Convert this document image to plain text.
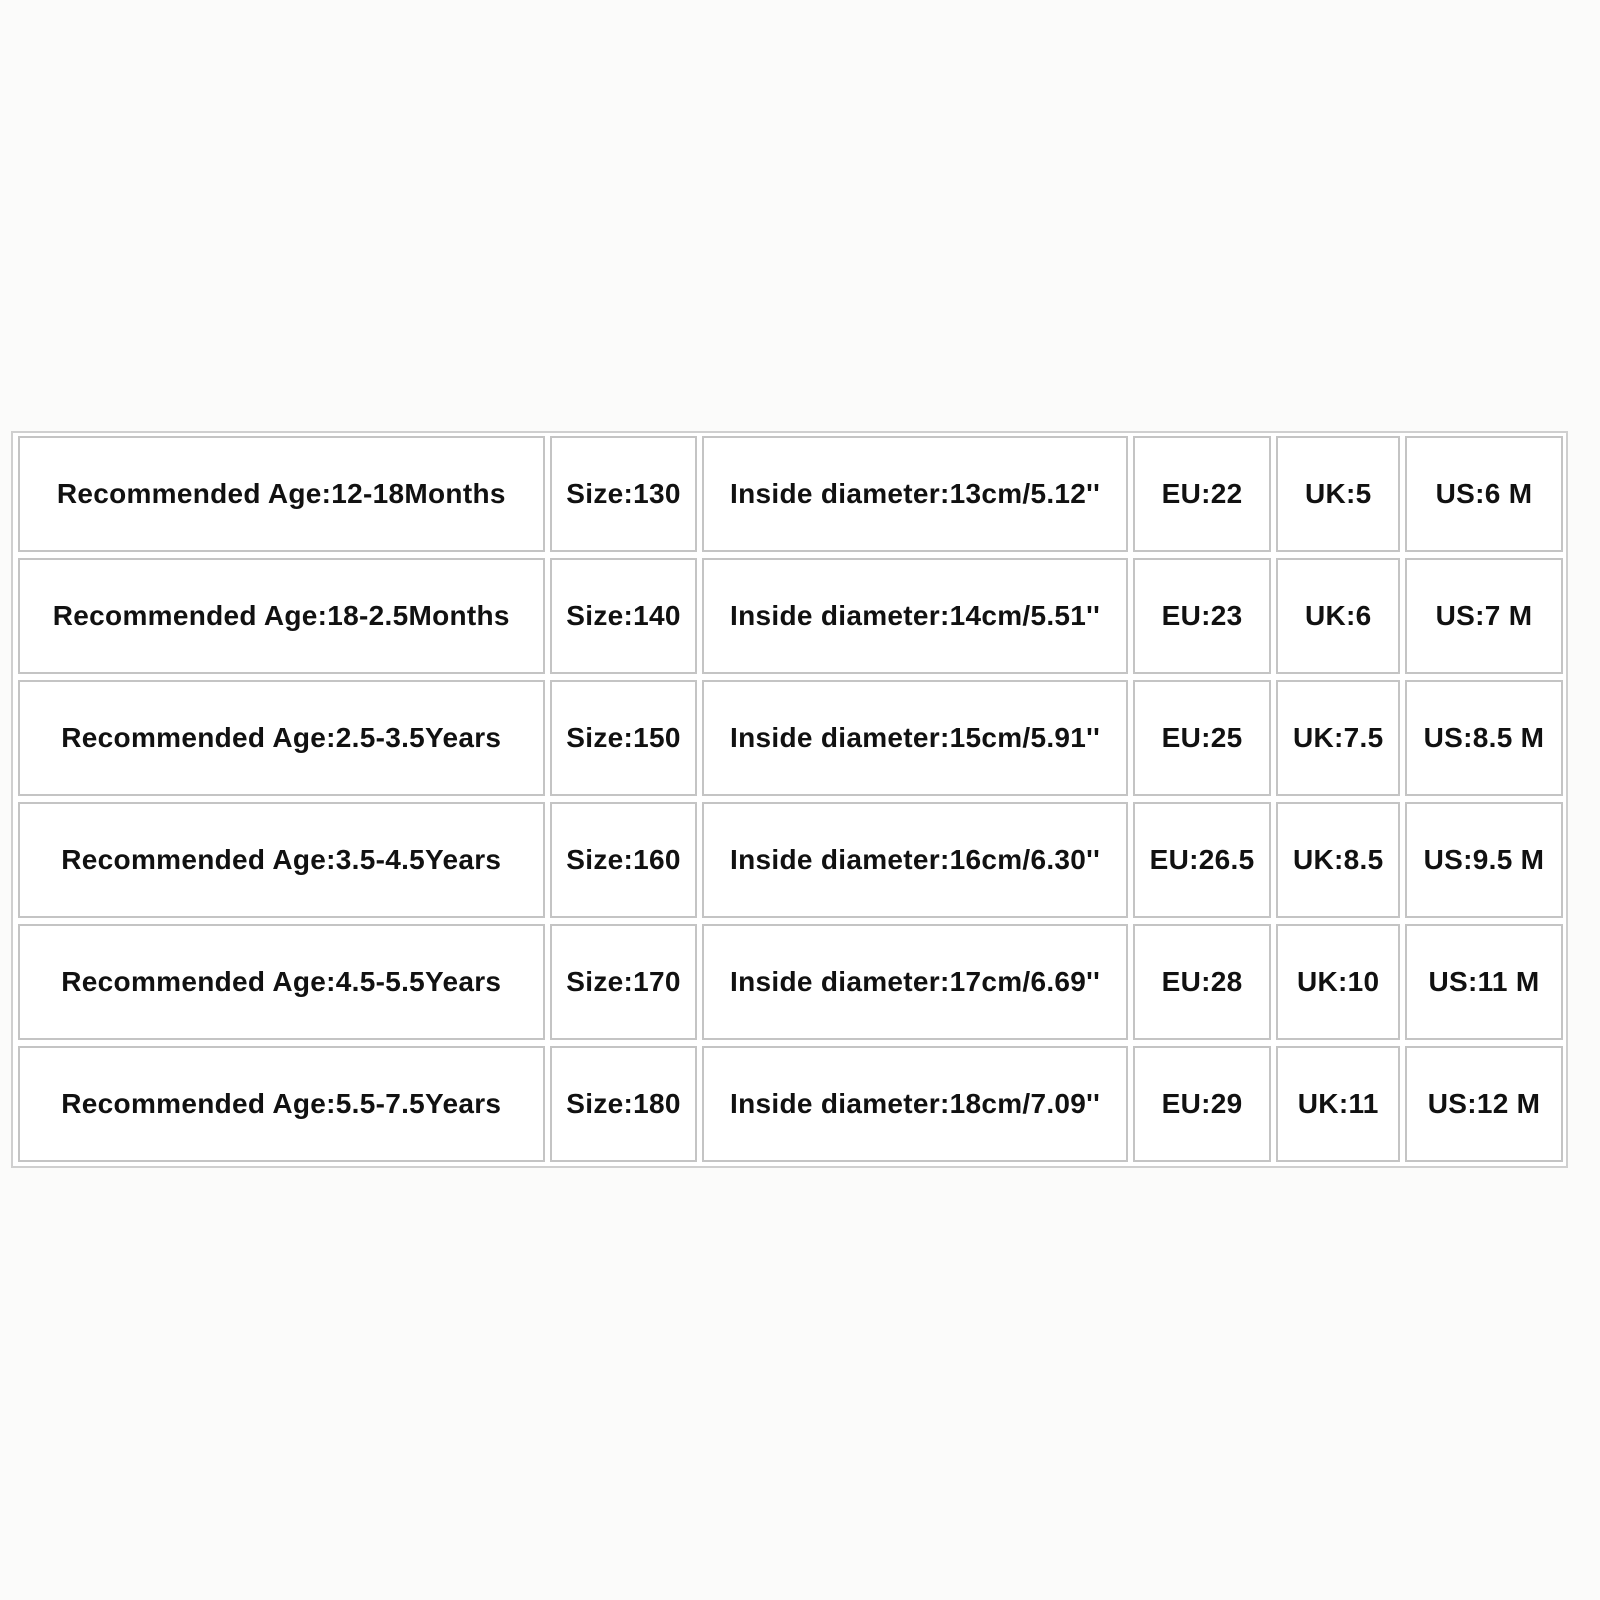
Recommended Age:12-18Months	Size:130	Inside diameter:13cm/5.12''	EU:22	UK:5	US:6 M
Recommended Age:18-2.5Months	Size:140	Inside diameter:14cm/5.51''	EU:23	UK:6	US:7 M
Recommended Age:2.5-3.5Years	Size:150	Inside diameter:15cm/5.91''	EU:25	UK:7.5	US:8.5 M
Recommended Age:3.5-4.5Years	Size:160	Inside diameter:16cm/6.30''	EU:26.5	UK:8.5	US:9.5 M
Recommended Age:4.5-5.5Years	Size:170	Inside diameter:17cm/6.69''	EU:28	UK:10	US:11 M
Recommended Age:5.5-7.5Years	Size:180	Inside diameter:18cm/7.09''	EU:29	UK:11	US:12 M
